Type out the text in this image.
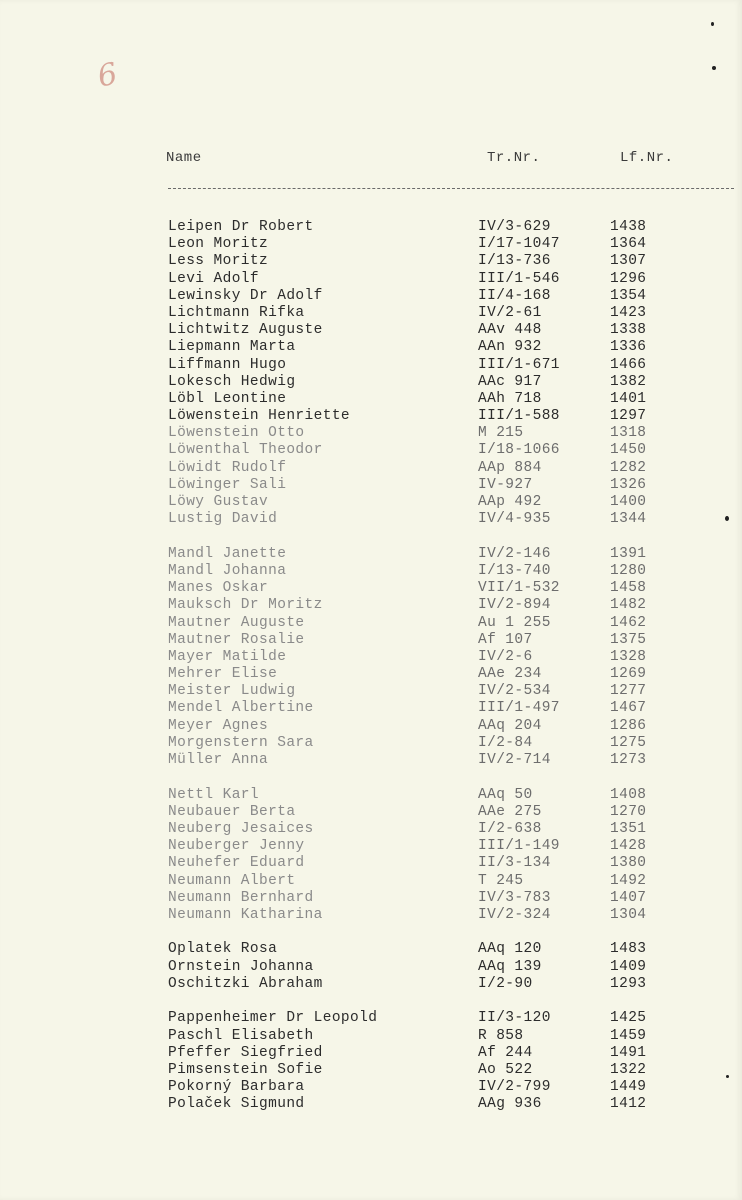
6
Name	Tr.Nr.	Lf.Nr.
Leipen Dr Robert	IV/3-629	1438
Leon Moritz	I/17-1047	1364
Less Moritz	I/13-736	1307
Levi Adolf	III/1-546	1296
Lewinsky Dr Adolf	II/4-168	1354
Lichtmann Rifka	IV/2-61	1423
Lichtwitz Auguste	AAv 448	1338
Liepmann Marta	AAn 932	1336
Liffmann Hugo	III/1-671	1466
Lokesch Hedwig	AAc 917	1382
Löbl Leontine	AAh 718	1401
Löwenstein Henriette	III/1-588	1297
Löwenstein Otto	M 215	1318
Löwenthal Theodor	I/18-1066	1450
Löwidt Rudolf	AAp 884	1282
Löwinger Sali	IV-927	1326
Löwy Gustav	AAp 492	1400
Lustig David	IV/4-935	1344
Mandl Janette	IV/2-146	1391
Mandl Johanna	I/13-740	1280
Manes Oskar	VII/1-532	1458
Mauksch Dr Moritz	IV/2-894	1482
Mautner Auguste	Au 1 255	1462
Mautner Rosalie	Af 107	1375
Mayer Matilde	IV/2-6	1328
Mehrer Elise	AAe 234	1269
Meister Ludwig	IV/2-534	1277
Mendel Albertine	III/1-497	1467
Meyer Agnes	AAq 204	1286
Morgenstern Sara	I/2-84	1275
Müller Anna	IV/2-714	1273
Nettl Karl	AAq 50	1408
Neubauer Berta	AAe 275	1270
Neuberg Jesaices	I/2-638	1351
Neuberger Jenny	III/1-149	1428
Neuhefer Eduard	II/3-134	1380
Neumann Albert	T 245	1492
Neumann Bernhard	IV/3-783	1407
Neumann Katharina	IV/2-324	1304
Oplatek Rosa	AAq 120	1483
Ornstein Johanna	AAq 139	1409
Oschitzki Abraham	I/2-90	1293
Pappenheimer Dr Leopold	II/3-120	1425
Paschl Elisabeth	R 858	1459
Pfeffer Siegfried	Af 244	1491
Pimsenstein Sofie	Ao 522	1322
Pokorný Barbara	IV/2-799	1449
Polaček Sigmund	AAg 936	1412
